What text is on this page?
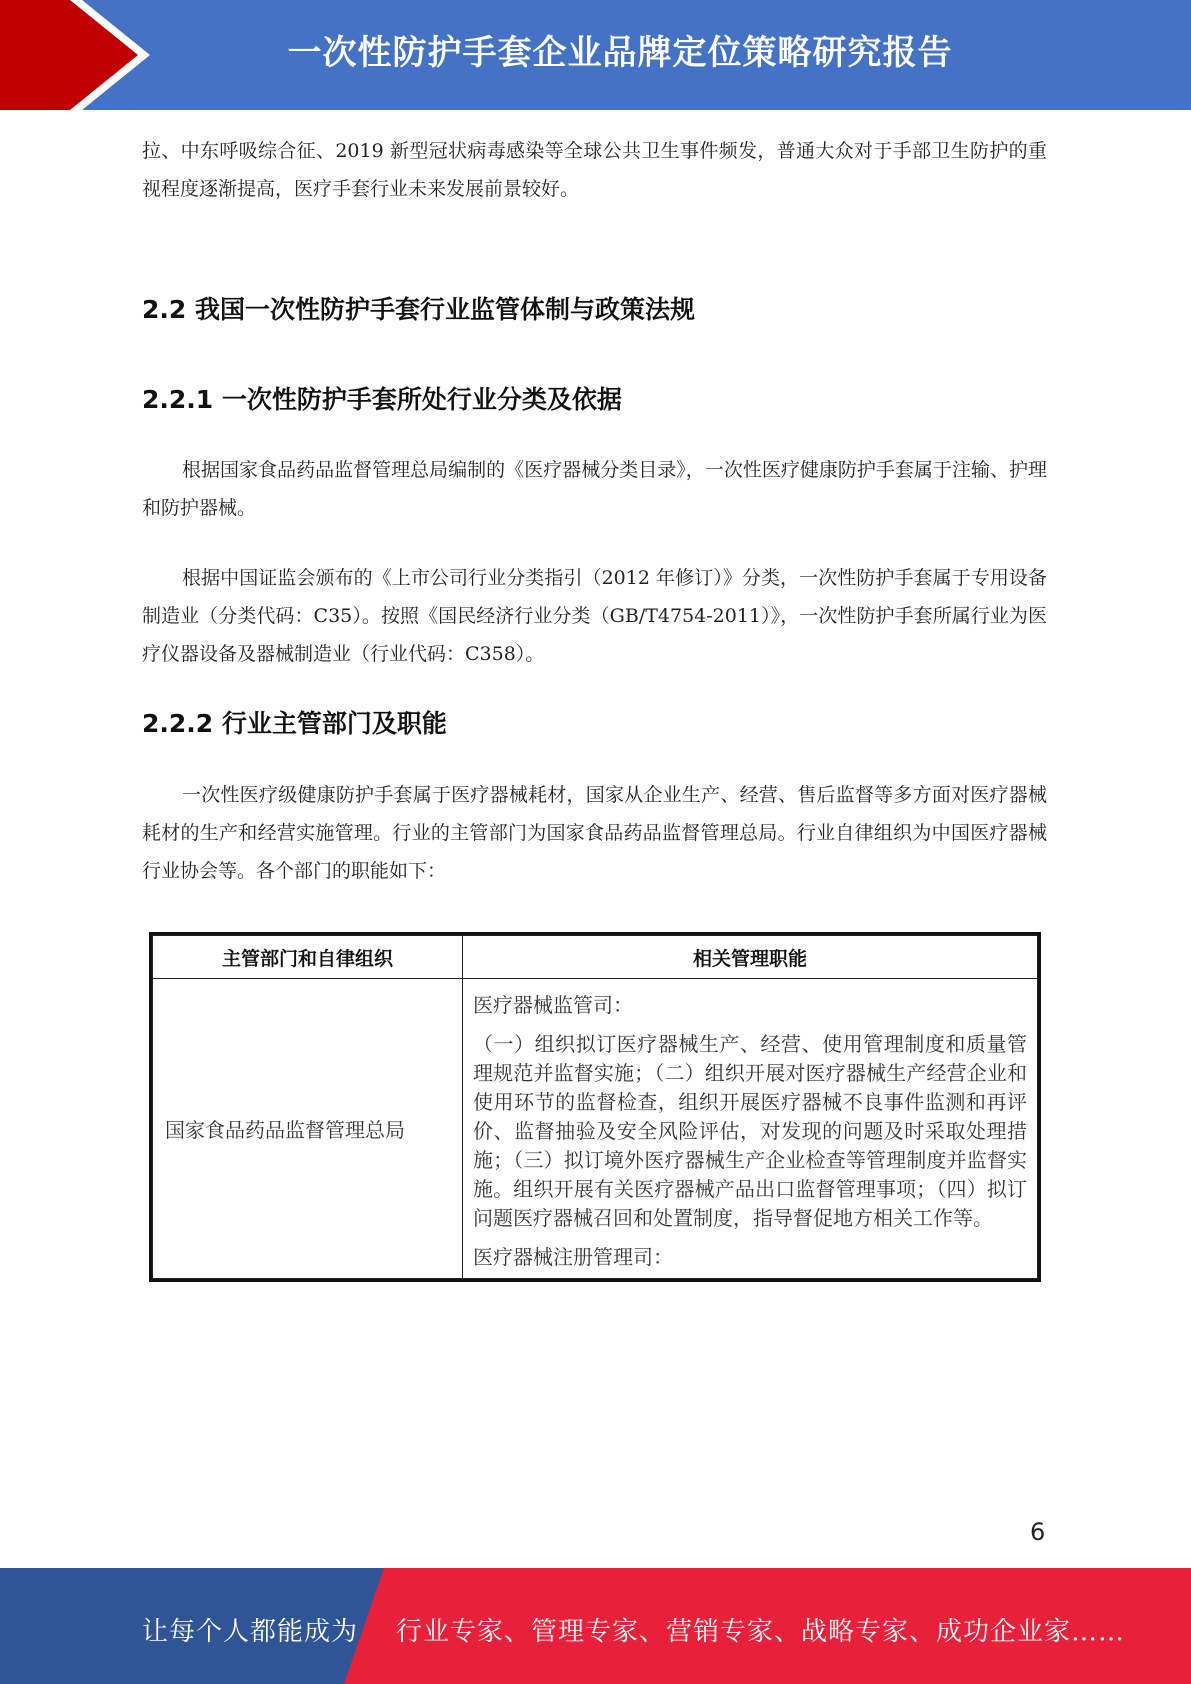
一次性防护手套企业品牌定位策略研究报告

拉、中东呼吸综合征、2019 新型冠状病毒感染等全球公共卫生事件频发，普通大众对于手部卫生防护的重视程度逐渐提高，医疗手套行业未来发展前景较好。

2.2 我国一次性防护手套行业监管体制与政策法规
2.2.1 一次性防护手套所处行业分类及依据

根据国家食品药品监督管理总局编制的《医疗器械分类目录》，一次性医疗健康防护手套属于注输、护理和防护器械。

根据中国证监会颁布的《上市公司行业分类指引（2012 年修订）》分类，一次性防护手套属于专用设备制造业（分类代码：C35）。按照《国民经济行业分类（GB/T4754-2011）》，一次性防护手套所属行业为医疗仪器设备及器械制造业（行业代码：C358）。

2.2.2 行业主管部门及职能

一次性医疗级健康防护手套属于医疗器械耗材，国家从企业生产、经营、售后监督等多方面对医疗器械耗材的生产和经营实施管理。行业的主管部门为国家食品药品监督管理总局。行业自律组织为中国医疗器械行业协会等。各个部门的职能如下：

主管部门和自律组织	相关管理职能
国家食品药品监督管理总局	医疗器械监管司：
（一）组织拟订医疗器械生产、经营、使用管理制度和质量管理规范并监督实施；（二）组织开展对医疗器械生产经营企业和使用环节的监督检查，组织开展医疗器械不良事件监测和再评价、监督抽验及安全风险评估，对发现的问题及时采取处理措施；（三）拟订境外医疗器械生产企业检查等管理制度并监督实施。组织开展有关医疗器械产品出口监督管理事项；（四）拟订问题医疗器械召回和处置制度，指导督促地方相关工作等。
医疗器械注册管理司：
6
让每个人都能成为 行业专家、管理专家、营销专家、战略专家、成功企业家……
